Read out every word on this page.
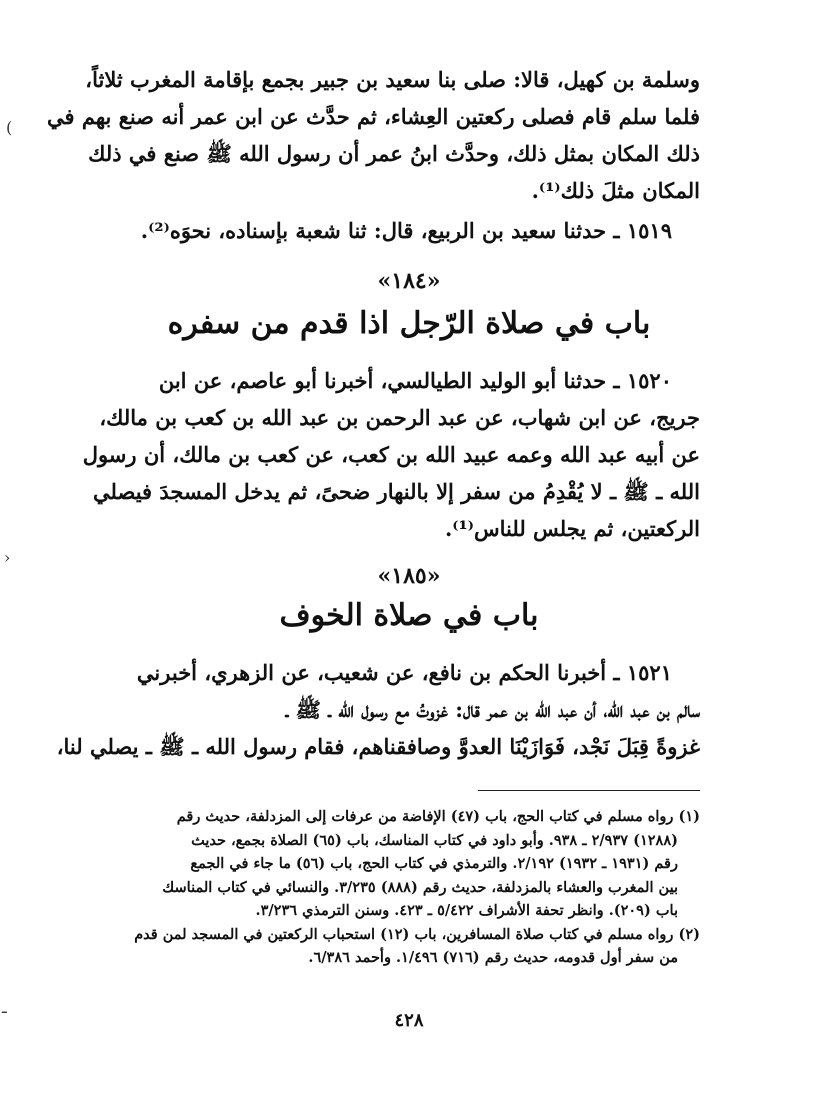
(
›
ـ
وسلمة بن كهيل، قالا: صلى بنا سعيد بن جبير بجمع بإقامة المغرب ثلاثاً،
فلما سلم قام فصلى ركعتين العِشاء، ثم حدَّث عن ابن عمر أنه صنع بهم في
ذلك المكان بمثل ذلك، وحدَّث ابنُ عمر أن رسول الله ﷺ صنع في ذلك
المكان مثلَ ذلك⁽¹⁾.
١٥١٩ ـ حدثنا سعيد بن الربيع، قال: ثنا شعبة بإسناده، نحوَه⁽²⁾.
«١٨٤»
باب في صلاة الرّجل اذا قدم من سفره
١٥٢٠ ـ حدثنا أبو الوليد الطيالسي، أخبرنا أبو عاصم، عن ابن
جريج، عن ابن شهاب، عن عبد الرحمن بن عبد الله بن كعب بن مالك،
عن أبيه عبد الله وعمه عبيد الله بن كعب، عن كعب بن مالك، أن رسول
الله ـ ﷺ ـ لا يُقْدِمُ من سفر إلا بالنهار ضحىً، ثم يدخل المسجدَ فيصلي
الركعتين، ثم يجلس للناس⁽¹⁾.
«١٨٥»
باب في صلاة الخوف
١٥٢١ ـ أخبرنا الحكم بن نافع، عن شعيب، عن الزهري، أخبرني
سالم بن عبد الله، أن عبد الله بن عمر قال: غزوتُ مع رسول الله ـ ﷺ ـ
غزوةً قِبَلَ نَجْد، فَوَازَيْنَا العدوَّ وصافقناهم، فقام رسول الله ـ ﷺ ـ يصلي لنا،
(١) رواه مسلم في كتاب الحج، باب (٤٧) الإفاضة من عرفات إلى المزدلفة، حديث رقم
(١٢٨٨) ٢/٩٣٧ ـ ٩٣٨. وأبو داود في كتاب المناسك، باب (٦٥) الصلاة بجمع، حديث
رقم (١٩٣١ ـ ١٩٣٢) ٢/١٩٢. والترمذي في كتاب الحج، باب (٥٦) ما جاء في الجمع
بين المغرب والعشاء بالمزدلفة، حديث رقم (٨٨٨) ٣/٢٣٥. والنسائي في كتاب المناسك
باب (٢٠٩). وانظر تحفة الأشراف ٥/٤٢٢ ـ ٤٢٣. وسنن الترمذي ٣/٢٣٦.
(٢) رواه مسلم في كتاب صلاة المسافرين، باب (١٢) استحباب الركعتين في المسجد لمن قدم
من سفر أول قدومه، حديث رقم (٧١٦) ١/٤٩٦. وأحمد ٦/٣٨٦.
٤٢٨
